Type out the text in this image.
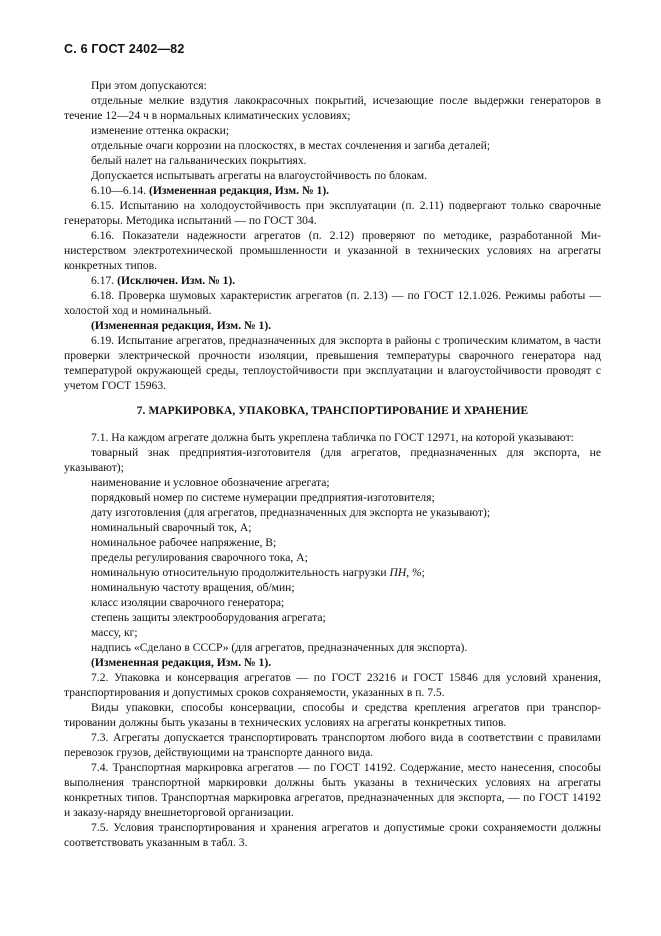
С. 6 ГОСТ 2402—82

При этом допускаются:

отдельные мелкие вздутия лакокрасочных покрытий, исчезающие после выдержки генераторов в течение 12—24 ч в нормальных климатических условиях;

изменение оттенка окраски;

отдельные очаги коррозии на плоскостях, в местах сочленения и загиба деталей;

белый налет на гальванических покрытиях.

Допускается испытывать агрегаты на влагоустойчивость по блокам.

6.10—6.14. (Измененная редакция, Изм. № 1).

6.15. Испытанию на холодоустойчивость при эксплуатации (п. 2.11) подвергают только сварочные генераторы. Методика испытаний — по ГОСТ 304.

6.16. Показатели надежности агрегатов (п. 2.12) проверяют по методике, разработанной Министерством электротехнической промышленности и указанной в технических условиях на агрегаты конкретных типов.

6.17. (Исключен. Изм. № 1).

6.18. Проверка шумовых характеристик агрегатов (п. 2.13) — по ГОСТ 12.1.026. Режимы работы — холостой ход и номинальный.

(Измененная редакция, Изм. № 1).

6.19. Испытание агрегатов, предназначенных для экспорта в районы с тропическим климатом, в части проверки электрической прочности изоляции, превышения температуры сварочного генератора над температурой окружающей среды, теплоустойчивости при эксплуатации и влагоустойчивости проводят с учетом ГОСТ 15963.

7. МАРКИРОВКА, УПАКОВКА, ТРАНСПОРТИРОВАНИЕ И ХРАНЕНИЕ

7.1. На каждом агрегате должна быть укреплена табличка по ГОСТ 12971, на которой указывают:

товарный знак предприятия-изготовителя (для агрегатов, предназначенных для экспорта, не указывают);

наименование и условное обозначение агрегата;

порядковый номер по системе нумерации предприятия-изготовителя;

дату изготовления (для агрегатов, предназначенных для экспорта не указывают);

номинальный сварочный ток, А;

номинальное рабочее напряжение, В;

пределы регулирования сварочного тока, А;

номинальную относительную продолжительность нагрузки ПН, %;

номинальную частоту вращения, об/мин;

класс изоляции сварочного генератора;

степень защиты электрооборудования агрегата;

массу, кг;

надпись «Сделано в СССР» (для агрегатов, предназначенных для экспорта).

(Измененная редакция, Изм. № 1).

7.2. Упаковка и консервация агрегатов — по ГОСТ 23216 и ГОСТ 15846 для условий хранения, транспортирования и допустимых сроков сохраняемости, указанных в п. 7.5.

Виды упаковки, способы консервации, способы и средства крепления агрегатов при транспортировании должны быть указаны в технических условиях на агрегаты конкретных типов.

7.3. Агрегаты допускается транспортировать транспортом любого вида в соответствии с правилами перевозок грузов, действующими на транспорте данного вида.

7.4. Транспортная маркировка агрегатов — по ГОСТ 14192. Содержание, место нанесения, способы выполнения транспортной маркировки должны быть указаны в технических условиях на агрегаты конкретных типов. Транспортная маркировка агрегатов, предназначенных для экспорта, — по ГОСТ 14192 и заказу-наряду внешнеторговой организации.

7.5. Условия транспортирования и хранения агрегатов и допустимые сроки сохраняемости должны соответствовать указанным в табл. 3.
